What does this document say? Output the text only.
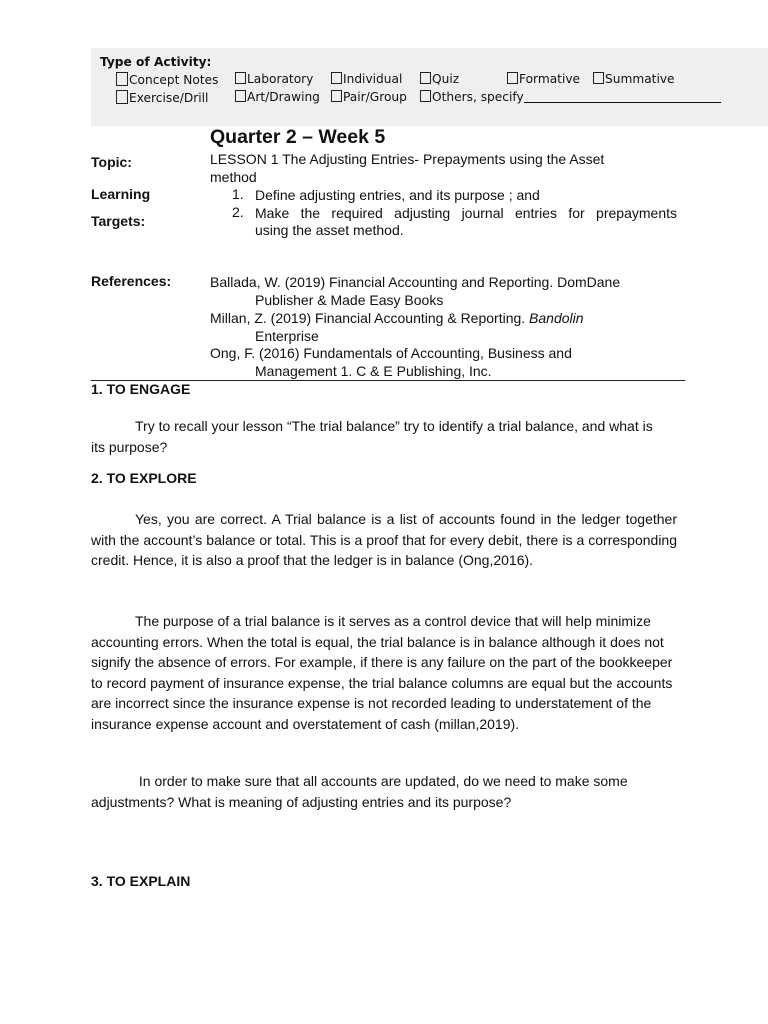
Type of Activity:
Concept Notes	Laboratory	Individual	Quiz	Formative	Summative
Exercise/Drill	Art/Drawing	Pair/Group	Others, specify
Quarter 2 – Week 5
Topic:	LESSON 1 The Adjusting Entries- Prepayments using the Asset
method
Learning
Targets:
1. Define adjusting entries, and its purpose ; and
2. Make the required adjusting journal entries for prepayments
using the asset method.
References:	Ballada, W. (2019) Financial Accounting and Reporting. DomDane
Publisher & Made Easy Books
Millan, Z. (2019) Financial Accounting & Reporting. Bandolin
Enterprise
Ong, F. (2016) Fundamentals of Accounting, Business and
Management 1. C & E Publishing, Inc.
1. TO ENGAGE
Try to recall your lesson “The trial balance” try to identify a trial balance, and what is its purpose?
2. TO EXPLORE
Yes, you are correct. A Trial balance is a list of accounts found in the ledger together with the account’s balance or total. This is a proof that for every debit, there is a corresponding credit. Hence, it is also a proof that the ledger is in balance (Ong,2016).
The purpose of a trial balance is it serves as a control device that will help minimize accounting errors. When the total is equal, the trial balance is in balance although it does not signify the absence of errors. For example, if there is any failure on the part of the bookkeeper to record payment of insurance expense, the trial balance columns are equal but the accounts are incorrect since the insurance expense is not recorded leading to understatement of the insurance expense account and overstatement of cash (millan,2019).
In order to make sure that all accounts are updated, do we need to make some adjustments? What is meaning of adjusting entries and its purpose?
3. TO EXPLAIN
